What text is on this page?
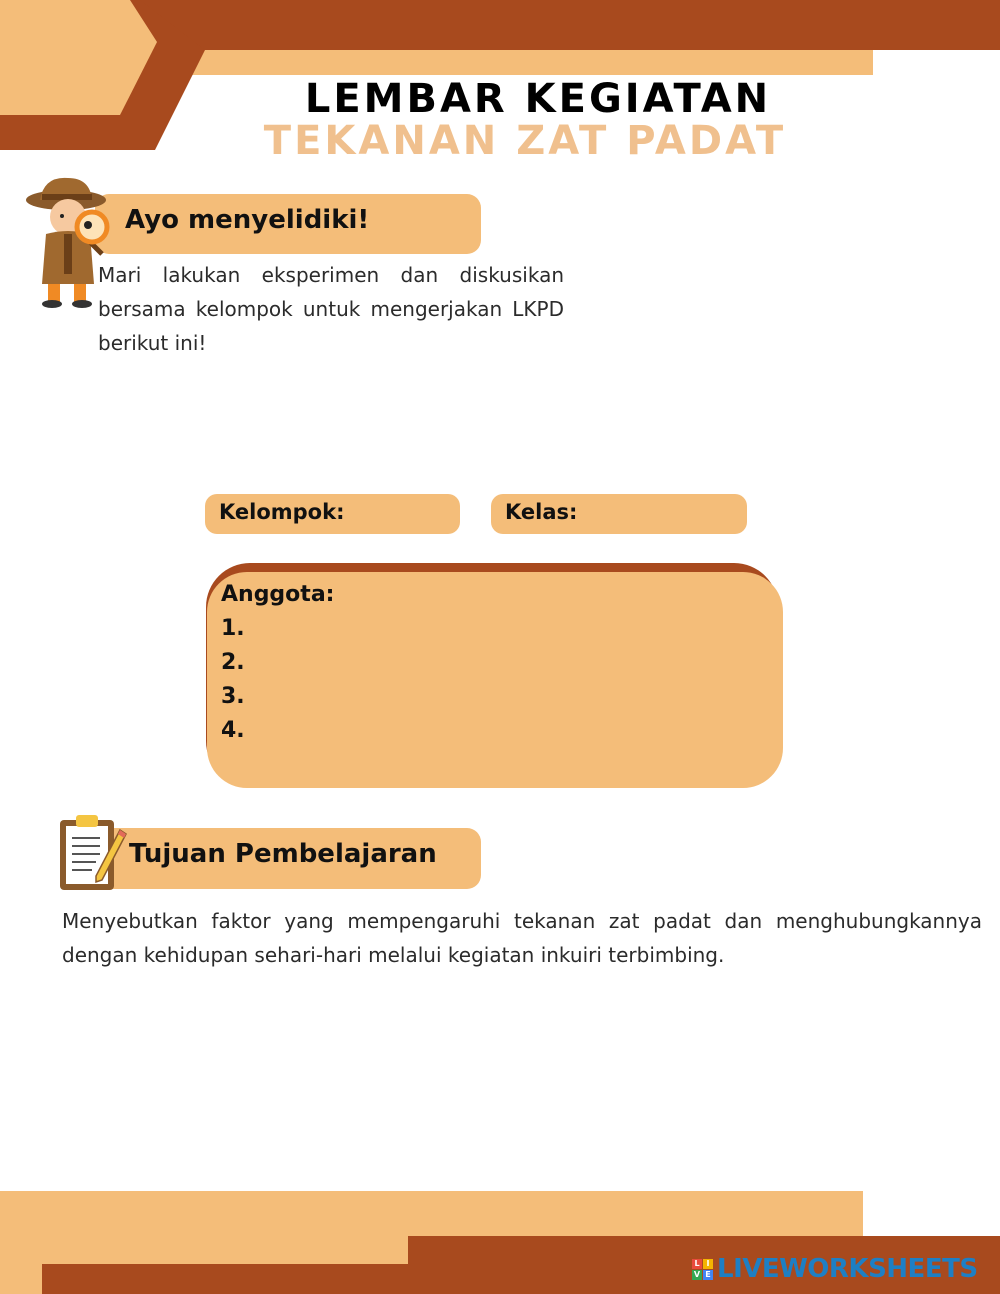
LEMBAR KEGIATAN
TEKANAN ZAT PADAT
Ayo menyelidiki!
Mari lakukan eksperimen dan diskusikan bersama kelompok untuk mengerjakan LKPD berikut ini!
Kelompok:	Kelas:
Anggota:
1.
2.
3.
4.
Tujuan Pembelajaran
Menyebutkan faktor yang mempengaruhi tekanan zat padat dan menghubungkannya dengan kehidupan sehari-hari melalui kegiatan inkuiri terbimbing.
L I
V E LIVEWORKSHEETS
